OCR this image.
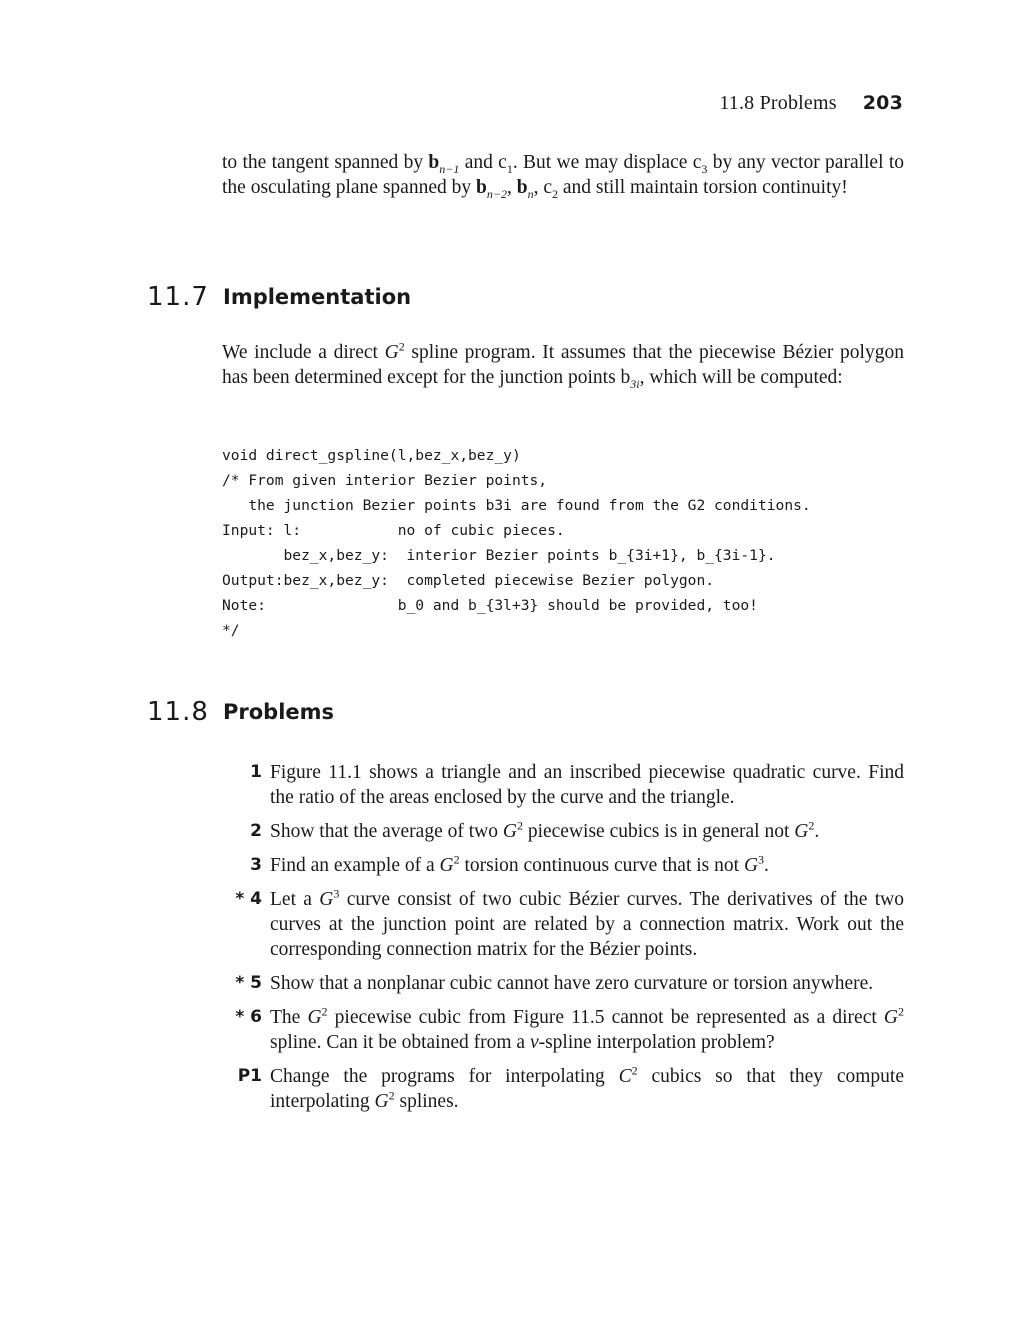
11.8 Problems 203
to the tangent spanned by $b_{n-1}$ and $c_1$. But we may displace $c_3$ by any vector parallel to the osculating plane spanned by $b_{n-2}$, $b_n$, $c_2$ and still maintain torsion continuity!
11.7 Implementation
We include a direct $G^2$ spline program. It assumes that the piecewise Bézier polygon has been determined except for the junction points $b_{3i}$, which will be computed:
void direct_gspline(l,bez_x,bez_y)
/* From given interior Bezier points,
the junction Bezier points b3i are found from the G2 conditions.
Input: l:           no of cubic pieces.
bez_x,bez_y:  interior Bezier points b_{3i+1}, b_{3i-1}.
Output:bez_x,bez_y:  completed piecewise Bezier polygon.
Note:               b_0 and b_{3l+3} should be provided, too!
*/
11.8 Problems
1 Figure 11.1 shows a triangle and an inscribed piecewise quadratic curve. Find the ratio of the areas enclosed by the curve and the triangle.
2 Show that the average of two $G^2$ piecewise cubics is in general not $G^2$.
3 Find an example of a $G^2$ torsion continuous curve that is not $G^3$.
* 4 Let a $G^3$ curve consist of two cubic Bézier curves. The derivatives of the two curves at the junction point are related by a connection matrix. Work out the corresponding connection matrix for the Bézier points.
* 5 Show that a nonplanar cubic cannot have zero curvature or torsion anywhere.
* 6 The $G^2$ piecewise cubic from Figure 11.5 cannot be represented as a direct $G^2$ spline. Can it be obtained from a ν-spline interpolation problem?
P1 Change the programs for interpolating $C^2$ cubics so that they compute interpolating $G^2$ splines.
